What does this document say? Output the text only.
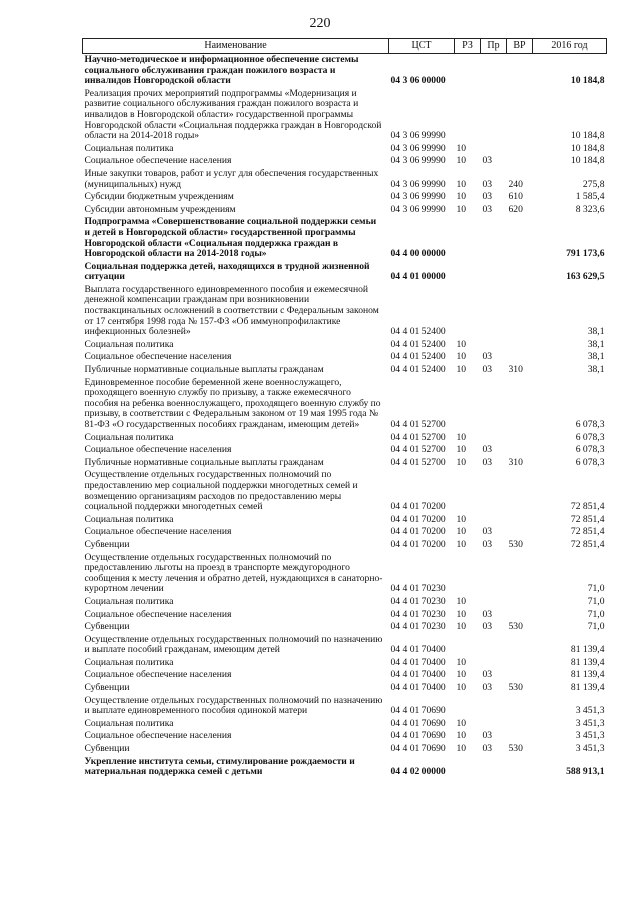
220
Наименование	ЦСТ	РЗ	Пр	ВР	2016 год
Научно-методическое и информационное обеспечение системы социального обслуживания граждан пожилого возраста и инвалидов Новгородской области	04 3 06 00000				10 184,8
Реализация прочих мероприятий подпрограммы «Модернизация и развитие социального обслуживания граждан пожилого возраста и инвалидов в Новгородской области» государственной программы Новгородской области «Социальная поддержка граждан в Новгородской области на 2014-2018 годы»	04 3 06 99990				10 184,8
Социальная политика	04 3 06 99990	10			10 184,8
Социальное обеспечение населения	04 3 06 99990	10	03		10 184,8
Иные закупки товаров, работ и услуг для обеспечения государственных (муниципальных) нужд	04 3 06 99990	10	03	240	275,8
Субсидии бюджетным учреждениям	04 3 06 99990	10	03	610	1 585,4
Субсидии автономным учреждениям	04 3 06 99990	10	03	620	8 323,6
Подпрограмма «Совершенствование социальной поддержки семьи и детей в Новгородской области» государственной программы Новгородской области «Социальная поддержка граждан в Новгородской области на 2014-2018 годы»	04 4 00 00000				791 173,6
Социальная поддержка детей, находящихся в трудной жизненной ситуации	04 4 01 00000				163 629,5
Выплата государственного единовременного пособия и ежемесячной денежной компенсации гражданам при возникновении поствакцинальных осложнений в соответствии с Федеральным законом от 17 сентября 1998 года № 157-ФЗ «Об иммунопрофилактике инфекционных болезней»	04 4 01 52400				38,1
Социальная политика	04 4 01 52400	10			38,1
Социальное обеспечение населения	04 4 01 52400	10	03		38,1
Публичные нормативные социальные выплаты гражданам	04 4 01 52400	10	03	310	38,1
Единовременное пособие беременной жене военнослужащего, проходящего военную службу по призыву, а также ежемесячного пособия на ребенка военнослужащего, проходящего военную службу по призыву, в соответствии с Федеральным законом от 19 мая 1995 года № 81-ФЗ «О государственных пособиях гражданам, имеющим детей»	04 4 01 52700				6 078,3
Социальная политика	04 4 01 52700	10			6 078,3
Социальное обеспечение населения	04 4 01 52700	10	03		6 078,3
Публичные нормативные социальные выплаты гражданам	04 4 01 52700	10	03	310	6 078,3
Осуществление отдельных государственных полномочий по предоставлению мер социальной поддержки многодетных семей и возмещению организациям расходов по предоставлению меры социальной поддержки многодетных семей	04 4 01 70200				72 851,4
Социальная политика	04 4 01 70200	10			72 851,4
Социальное обеспечение населения	04 4 01 70200	10	03		72 851,4
Субвенции	04 4 01 70200	10	03	530	72 851,4
Осуществление отдельных государственных полномочий по предоставлению льготы на проезд в транспорте междугородного сообщения к месту лечения и обратно детей, нуждающихся в санаторно-курортном лечении	04 4 01 70230				71,0
Социальная политика	04 4 01 70230	10			71,0
Социальное обеспечение населения	04 4 01 70230	10	03		71,0
Субвенции	04 4 01 70230	10	03	530	71,0
Осуществление отдельных государственных полномочий по назначению и выплате пособий гражданам, имеющим детей	04 4 01 70400				81 139,4
Социальная политика	04 4 01 70400	10			81 139,4
Социальное обеспечение населения	04 4 01 70400	10	03		81 139,4
Субвенции	04 4 01 70400	10	03	530	81 139,4
Осуществление отдельных государственных полномочий по назначению и выплате единовременного пособия одинокой матери	04 4 01 70690				3 451,3
Социальная политика	04 4 01 70690	10			3 451,3
Социальное обеспечение населения	04 4 01 70690	10	03		3 451,3
Субвенции	04 4 01 70690	10	03	530	3 451,3
Укрепление института семьи, стимулирование рождаемости и материальная поддержка семей с детьми	04 4 02 00000				588 913,1
